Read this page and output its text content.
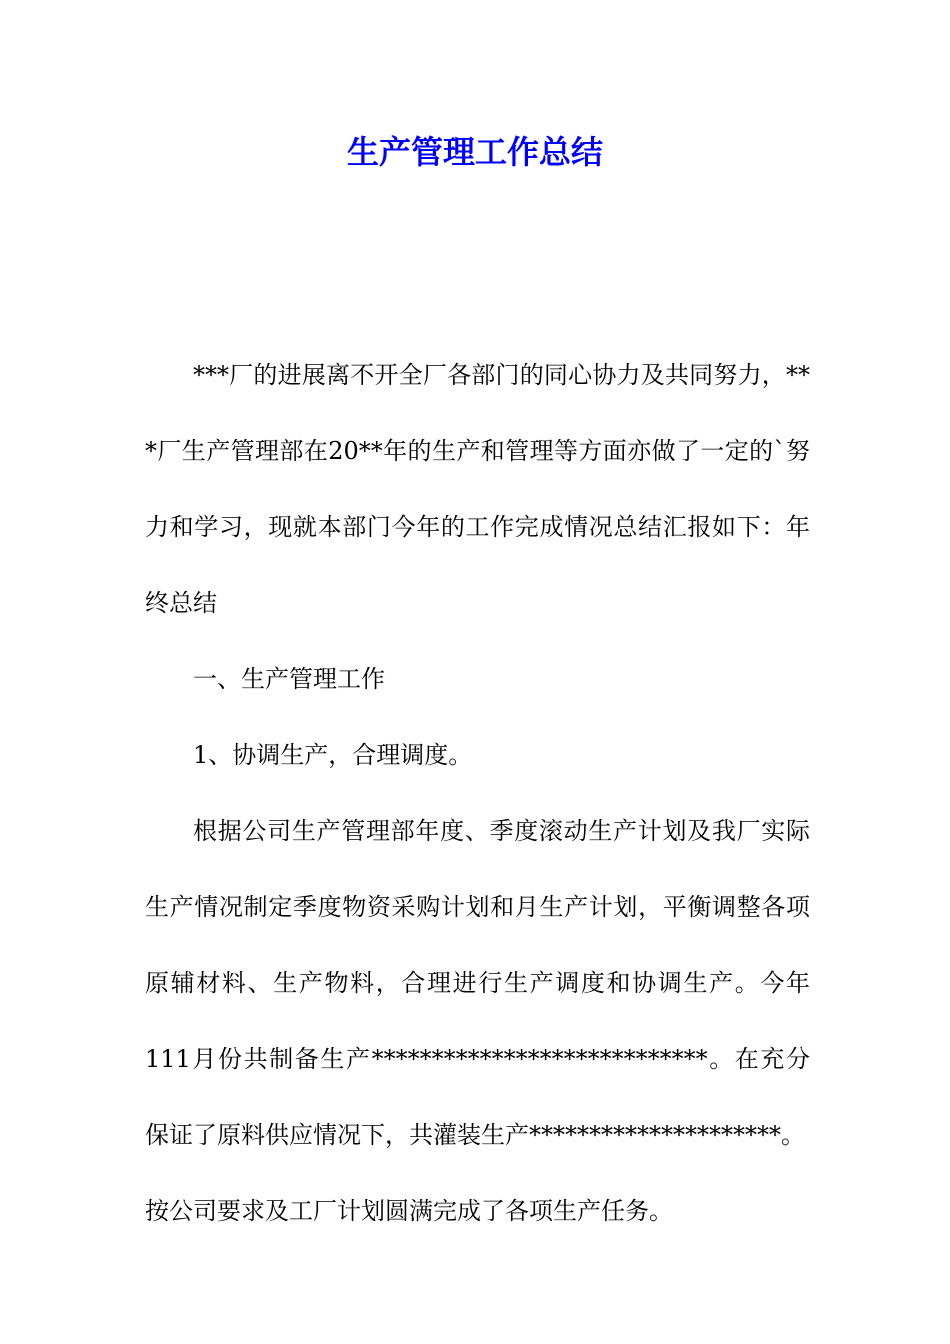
生产管理工作总结
***厂的进展离不开全厂各部门的同心协力及共同努力，**
*厂生产管理部在20**年的生产和管理等方面亦做了一定的`努
力和学习，现就本部门今年的工作完成情况总结汇报如下：年
终总结
一、生产管理工作
1、协调生产，合理调度。
根据公司生产管理部年度、季度滚动生产计划及我厂实际
生产情况制定季度物资采购计划和月生产计划，平衡调整各项
原辅材料、生产物料，合理进行生产调度和协调生产。今年
111月份共制备生产****************************。在充分
保证了原料供应情况下，共灌装生产*********************。
按公司要求及工厂计划圆满完成了各项生产任务。
